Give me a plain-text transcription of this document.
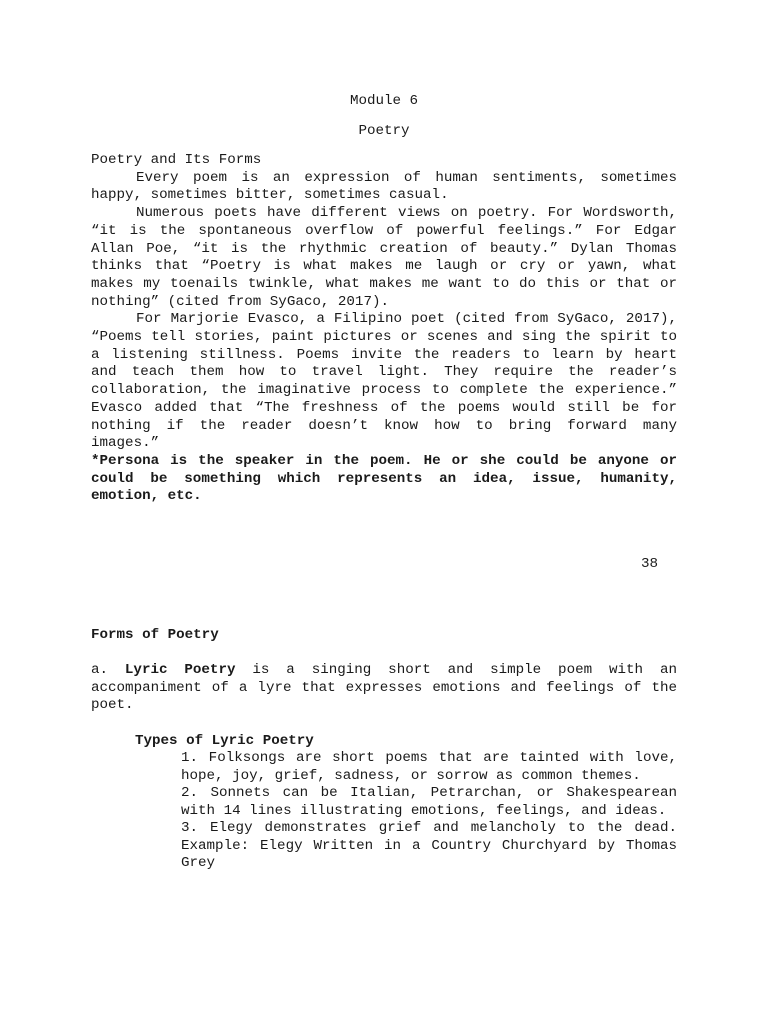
Module 6
Poetry

Poetry and Its Forms

Every poem is an expression of human sentiments, sometimes happy, sometimes bitter, sometimes casual.

Numerous poets have different views on poetry. For Wordsworth, “it is the spontaneous overflow of powerful feelings.” For Edgar Allan Poe, “it is the rhythmic creation of beauty.” Dylan Thomas thinks that “Poetry is what makes me laugh or cry or yawn, what makes my toenails twinkle, what makes me want to do this or that or nothing” (cited from SyGaco, 2017).

For Marjorie Evasco, a Filipino poet (cited from SyGaco, 2017), “Poems tell stories, paint pictures or scenes and sing the spirit to a listening stillness. Poems invite the readers to learn by heart and teach them how to travel light. They require the reader’s collaboration, the imaginative process to complete the experience.” Evasco added that “The freshness of the poems would still be for nothing if the reader doesn’t know how to bring forward many images.”

*Persona is the speaker in the poem. He or she could be anyone or could be something which represents an idea, issue, humanity, emotion, etc.

38
Forms of Poetry
a. Lyric Poetry is a singing short and simple poem with an accompaniment of a lyre that expresses emotions and feelings of the poet.
Types of Lyric Poetry

1. Folksongs are short poems that are tainted with love, hope, joy, grief, sadness, or sorrow as common themes.

2. Sonnets can be Italian, Petrarchan, or Shakespearean with 14 lines illustrating emotions, feelings, and ideas.

3. Elegy demonstrates grief and melancholy to the dead. Example: Elegy Written in a Country Churchyard by Thomas Grey
